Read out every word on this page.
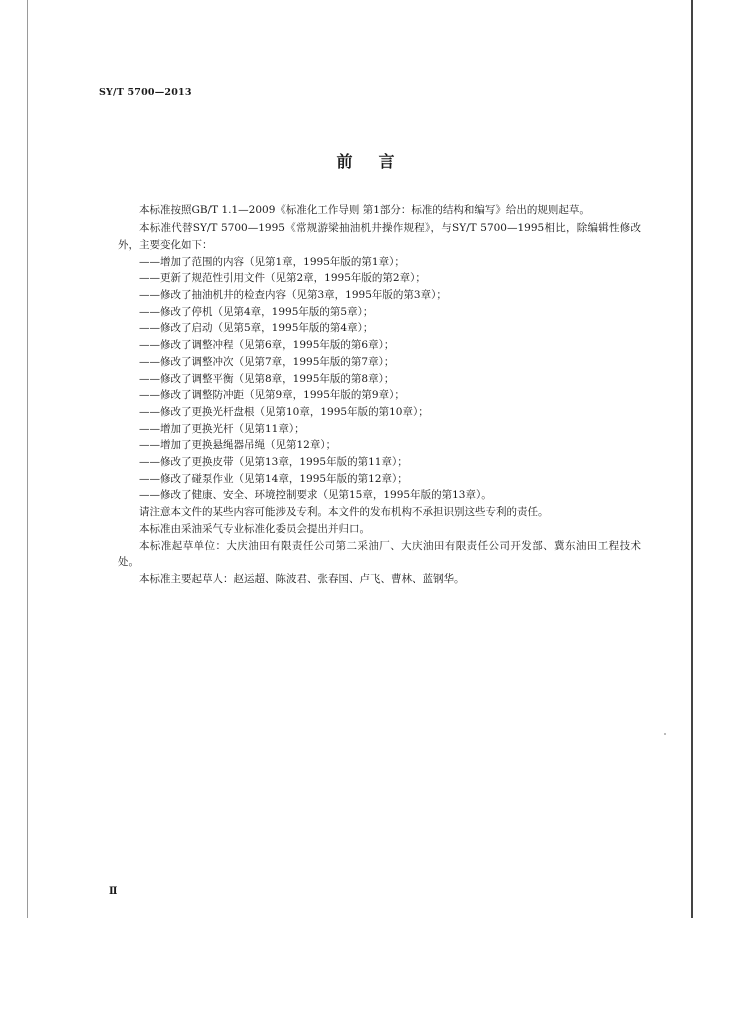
SY/T 5700—2013
前言

本标准按照GB/T 1.1—2009《标准化工作导则 第1部分：标准的结构和编写》给出的规则起草。

本标准代替SY/T 5700—1995《常规游梁抽油机井操作规程》，与SY/T 5700—1995相比，除编辑性修改外，主要变化如下：

——增加了范围的内容（见第1章，1995年版的第1章）；
——更新了规范性引用文件（见第2章，1995年版的第2章）；
——修改了抽油机井的检查内容（见第3章，1995年版的第3章）；
——修改了停机（见第4章，1995年版的第5章）；
——修改了启动（见第5章，1995年版的第4章）；
——修改了调整冲程（见第6章，1995年版的第6章）；
——修改了调整冲次（见第7章，1995年版的第7章）；
——修改了调整平衡（见第8章，1995年版的第8章）；
——修改了调整防冲距（见第9章，1995年版的第9章）；
——修改了更换光杆盘根（见第10章，1995年版的第10章）；
——增加了更换光杆（见第11章）；
——增加了更换悬绳器吊绳（见第12章）；
——修改了更换皮带（见第13章，1995年版的第11章）；
——修改了碰泵作业（见第14章，1995年版的第12章）；
——修改了健康、安全、环境控制要求（见第15章，1995年版的第13章）。

请注意本文件的某些内容可能涉及专利。本文件的发布机构不承担识别这些专利的责任。

本标准由采油采气专业标准化委员会提出并归口。

本标准起草单位：大庆油田有限责任公司第二采油厂、大庆油田有限责任公司开发部、冀东油田工程技术处。

本标准主要起草人：赵运超、陈波君、张春国、卢飞、曹林、蓝钢华。

Ⅱ
